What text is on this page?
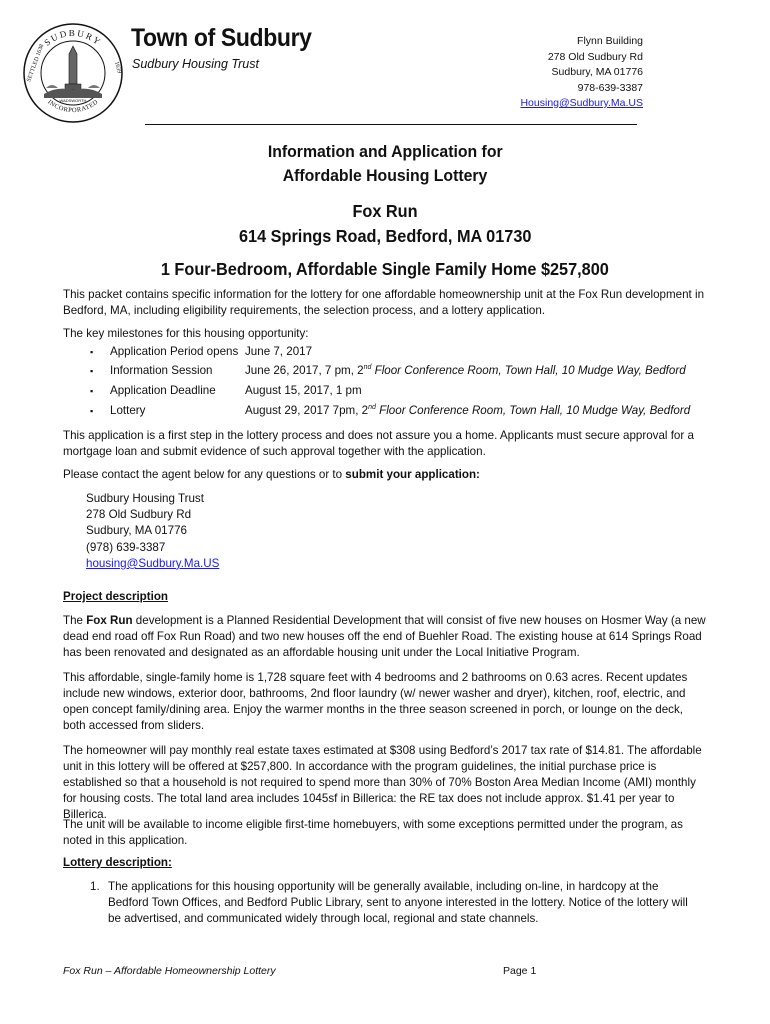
SUDBURY
INCORPORATED
SETTLED 1638	1639
WADSWORTH
Town of Sudbury
Sudbury Housing Trust
Flynn Building
278 Old Sudbury Rd
Sudbury, MA 01776
978-639-3387
Housing@Sudbury.Ma.US
Information and Application for
Affordable Housing Lottery
Fox Run
614 Springs Road, Bedford, MA 01730
1 Four-Bedroom, Affordable Single Family Home $257,800
This packet contains specific information for the lottery for one affordable homeownership unit at the Fox Run development in Bedford, MA, including eligibility requirements, the selection process, and a lottery application.
The key milestones for this housing opportunity:
▪ Application Period opens June 7, 2017
▪ Information Session	June 26, 2017, 7 pm, 2nd Floor Conference Room, Town Hall, 10 Mudge Way, Bedford
▪ Application Deadline	August 15, 2017, 1 pm
▪ Lottery	August 29, 2017 7pm, 2nd Floor Conference Room, Town Hall, 10 Mudge Way, Bedford
This application is a first step in the lottery process and does not assure you a home. Applicants must secure approval for a mortgage loan and submit evidence of such approval together with the application.
Please contact the agent below for any questions or to submit your application:
Sudbury Housing Trust
278 Old Sudbury Rd
Sudbury, MA 01776
(978) 639-3387
housing@Sudbury.Ma.US
Project description
The Fox Run development is a Planned Residential Development that will consist of five new houses on Hosmer Way (a new dead end road off Fox Run Road) and two new houses off the end of Buehler Road. The existing house at 614 Springs Road has been renovated and designated as an affordable housing unit under the Local Initiative Program.
This affordable, single-family home is 1,728 square feet with 4 bedrooms and 2 bathrooms on 0.63 acres. Recent updates include new windows, exterior door, bathrooms, 2nd floor laundry (w/ newer washer and dryer), kitchen, roof, electric, and open concept family/dining area. Enjoy the warmer months in the three season screened in porch, or lounge on the deck, both accessed from sliders.
The homeowner will pay monthly real estate taxes estimated at $308 using Bedford’s 2017 tax rate of $14.81. The affordable unit in this lottery will be offered at $257,800. In accordance with the program guidelines, the initial purchase price is established so that a household is not required to spend more than 30% of 70% Boston Area Median Income (AMI) monthly for housing costs. The total land area includes 1045sf in Billerica: the RE tax does not include approx. $1.41 per year to Billerica.
The unit will be available to income eligible first-time homebuyers, with some exceptions permitted under the program, as noted in this application.
Lottery description:
1. The applications for this housing opportunity will be generally available, including on-line, in hardcopy at the Bedford Town Offices, and Bedford Public Library, sent to anyone interested in the lottery. Notice of the lottery will be advertised, and communicated widely through local, regional and state channels.
Fox Run – Affordable Homeownership Lottery	Page 1
